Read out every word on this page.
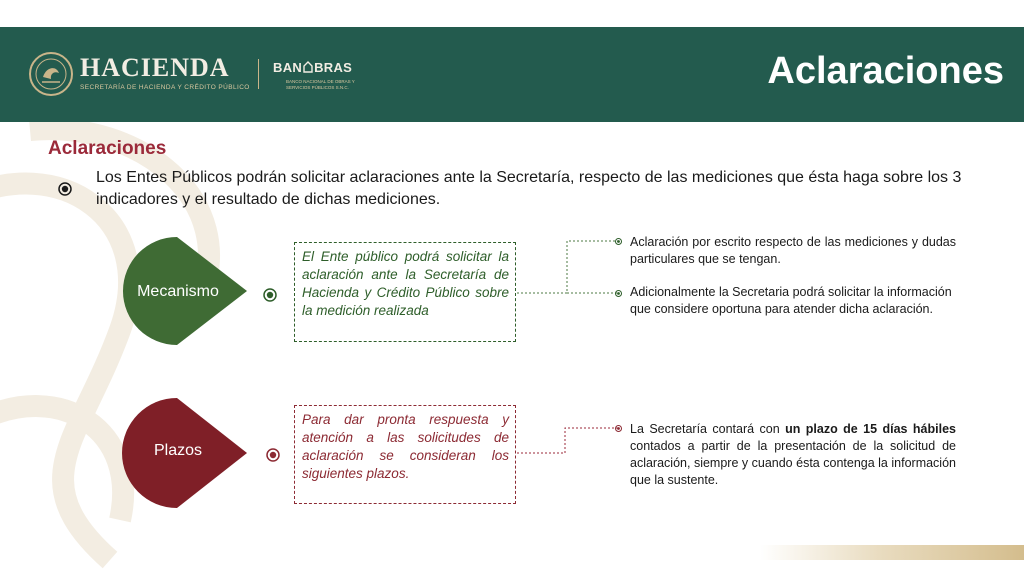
HACIENDA
SECRETARÍA DE HACIENDA Y CRÉDITO PÚBLICO
BAN BRAS
BANCO NACIONAL DE OBRAS Y SERVICIOS PÚBLICOS S.N.C.	Aclaraciones
Aclaraciones
Los Entes Públicos podrán solicitar aclaraciones ante la Secretaría, respecto de las mediciones que ésta haga sobre los 3 indicadores y el resultado de dichas mediciones.
Mecanismo
El Ente público podrá solicitar la aclaración ante la Secretaría de Hacienda y Crédito Público sobre la medición realizada
Aclaración por escrito respecto de las mediciones y dudas particulares que se tengan.
Adicionalmente la Secretaria podrá solicitar la información que considere oportuna para atender dicha aclaración.
Plazos
Para dar pronta respuesta y atención a las solicitudes de aclaración se consideran los siguientes plazos.
La Secretaría contará con un plazo de 15 días hábiles contados a partir de la presentación de la solicitud de aclaración, siempre y cuando ésta contenga la información que la sustente.
